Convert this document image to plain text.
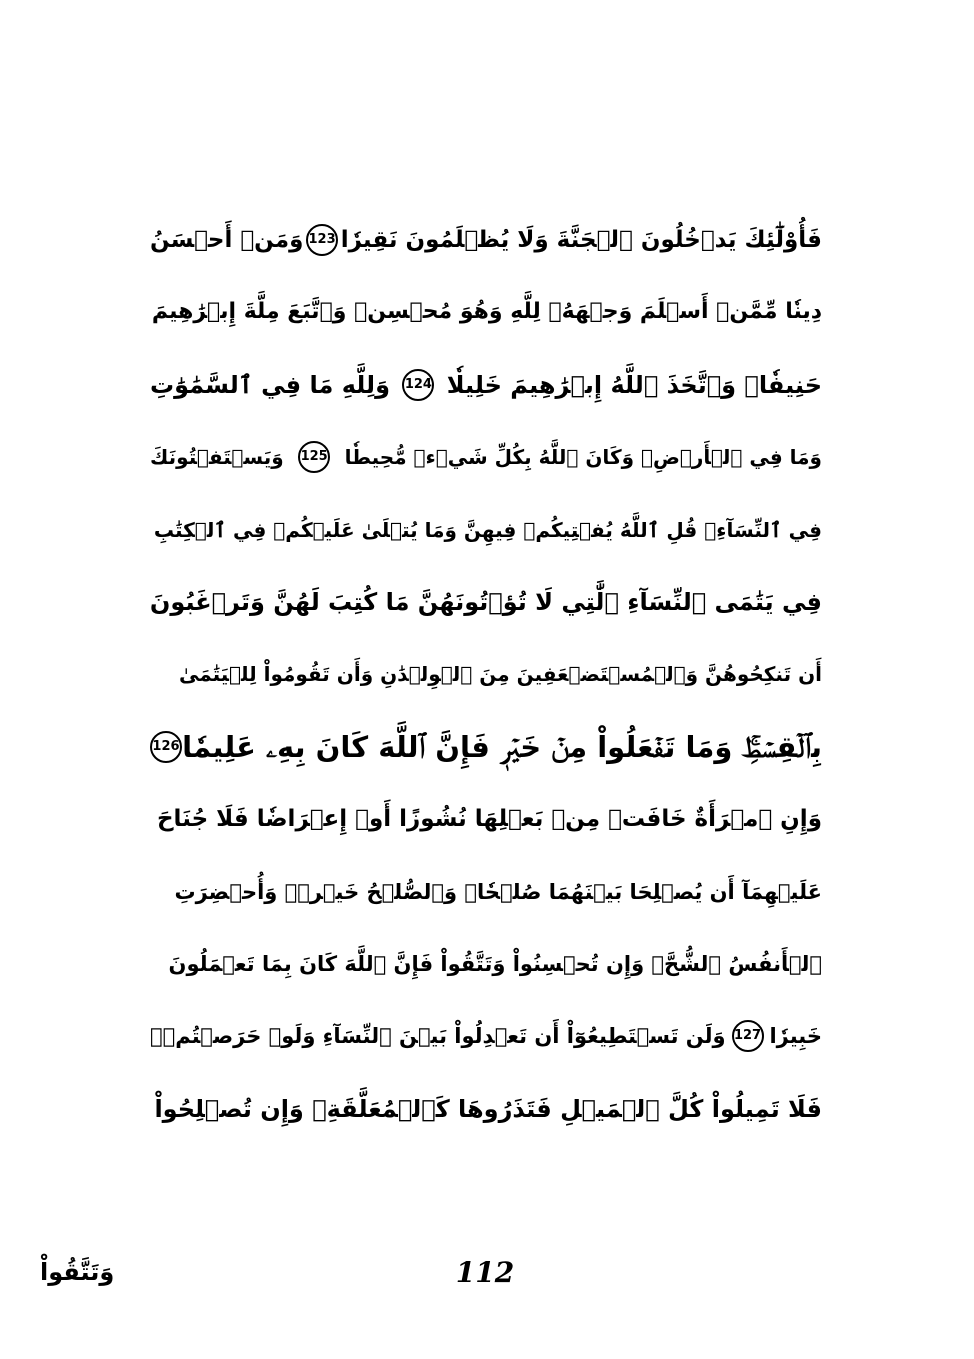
فَأُوْلَٰٓئِكَ يَدۡخُلُونَ ٱلۡجَنَّةَ وَلَا يُظۡلَمُونَ نَقِيرٗا
123
وَمَنۡ أَحۡسَنُ
دِينٗا مِّمَّنۡ أَسۡلَمَ وَجۡهَهُۥ لِلَّهِ وَهُوَ مُحۡسِنٞ وَٱتَّبَعَ مِلَّةَ إِبۡرَٰهِيمَ
حَنِيفٗاۗ وَٱتَّخَذَ ٱللَّهُ إِبۡرَٰهِيمَ خَلِيلٗا
124
وَلِلَّهِ مَا فِي ٱلسَّمَٰوَٰتِ
وَمَا فِي ٱلۡأَرۡضِۚ وَكَانَ ٱللَّهُ بِكُلِّ شَيۡءٖ مُّحِيطٗا
125
وَيَسۡتَفۡتُونَكَ
فِي ٱلنِّسَآءِۖ قُلِ ٱللَّهُ يُفۡتِيكُمۡ فِيهِنَّ وَمَا يُتۡلَىٰ عَلَيۡكُمۡ فِي ٱلۡكِتَٰبِ
فِي يَتَٰمَى ٱلنِّسَآءِ ٱلَّٰتِي لَا تُؤۡتُونَهُنَّ مَا كُتِبَ لَهُنَّ وَتَرۡغَبُونَ
أَن تَنكِحُوهُنَّ وَٱلۡمُسۡتَضۡعَفِينَ مِنَ ٱلۡوِلۡدَٰنِ وَأَن تَقُومُواْ لِلۡيَتَٰمَىٰ
بِٱلۡقِسۡطِۚ وَمَا تَفۡعَلُواْ مِنۡ خَيۡرٖ فَإِنَّ ٱللَّهَ كَانَ بِهِۦ عَلِيمٗا
126
وَإِنِ ٱمۡرَأَةٌ خَافَتۡ مِنۢ بَعۡلِهَا نُشُوزًا أَوۡ إِعۡرَاضٗا فَلَا جُنَاحَ
عَلَيۡهِمَآ أَن يُصۡلِحَا بَيۡنَهُمَا صُلۡحٗاۚ وَٱلصُّلۡحُ خَيۡرٞۗ وَأُحۡضِرَتِ
ٱلۡأَنفُسُ ٱلشُّحَّۚ وَإِن تُحۡسِنُواْ وَتَتَّقُواْ فَإِنَّ ٱللَّهَ كَانَ بِمَا تَعۡمَلُونَ
خَبِيرٗا
127
وَلَن تَسۡتَطِيعُوٓاْ أَن تَعۡدِلُواْ بَيۡنَ ٱلنِّسَآءِ وَلَوۡ حَرَصۡتُمۡۖ
فَلَا تَمِيلُواْ كُلَّ ٱلۡمَيۡلِ فَتَذَرُوهَا كَٱلۡمُعَلَّقَةِۚ وَإِن تُصۡلِحُواْ
وَتَتَّقُواْ	112
